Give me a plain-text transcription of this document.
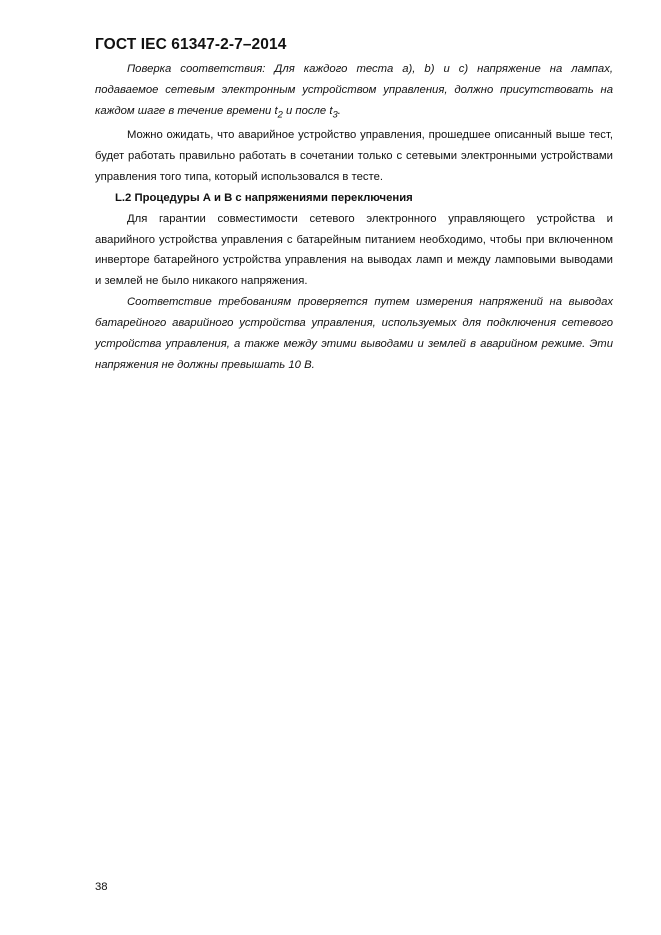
ГОСТ IEC 61347-2-7–2014

Поверка соответствия: Для каждого теста а), b) и с) напряжение на лампах, подаваемое сетевым электронным устройством управления, должно присутствовать на каждом шаге в течение времени $t_2$ и после $t_3$.

Можно ожидать, что аварийное устройство управления, прошедшее описанный выше тест, будет работать правильно работать в сочетании только с сетевыми электронными устройствами управления того типа, который использовался в тесте.

L.2 Процедуры А и В с напряжениями переключения

Для гарантии совместимости сетевого электронного управляющего устройства и аварийного устройства управления с батарейным питанием необходимо, чтобы при включенном инверторе батарейного устройства управления на выводах ламп и между ламповыми выводами и землей не было никакого напряжения.

Соответствие требованиям проверяется путем измерения напряжений на выводах батарейного аварийного устройства управления, используемых для подключения сетевого устройства управления, а также между этими выводами и землей в аварийном режиме. Эти напряжения не должны превышать 10 В.

38
